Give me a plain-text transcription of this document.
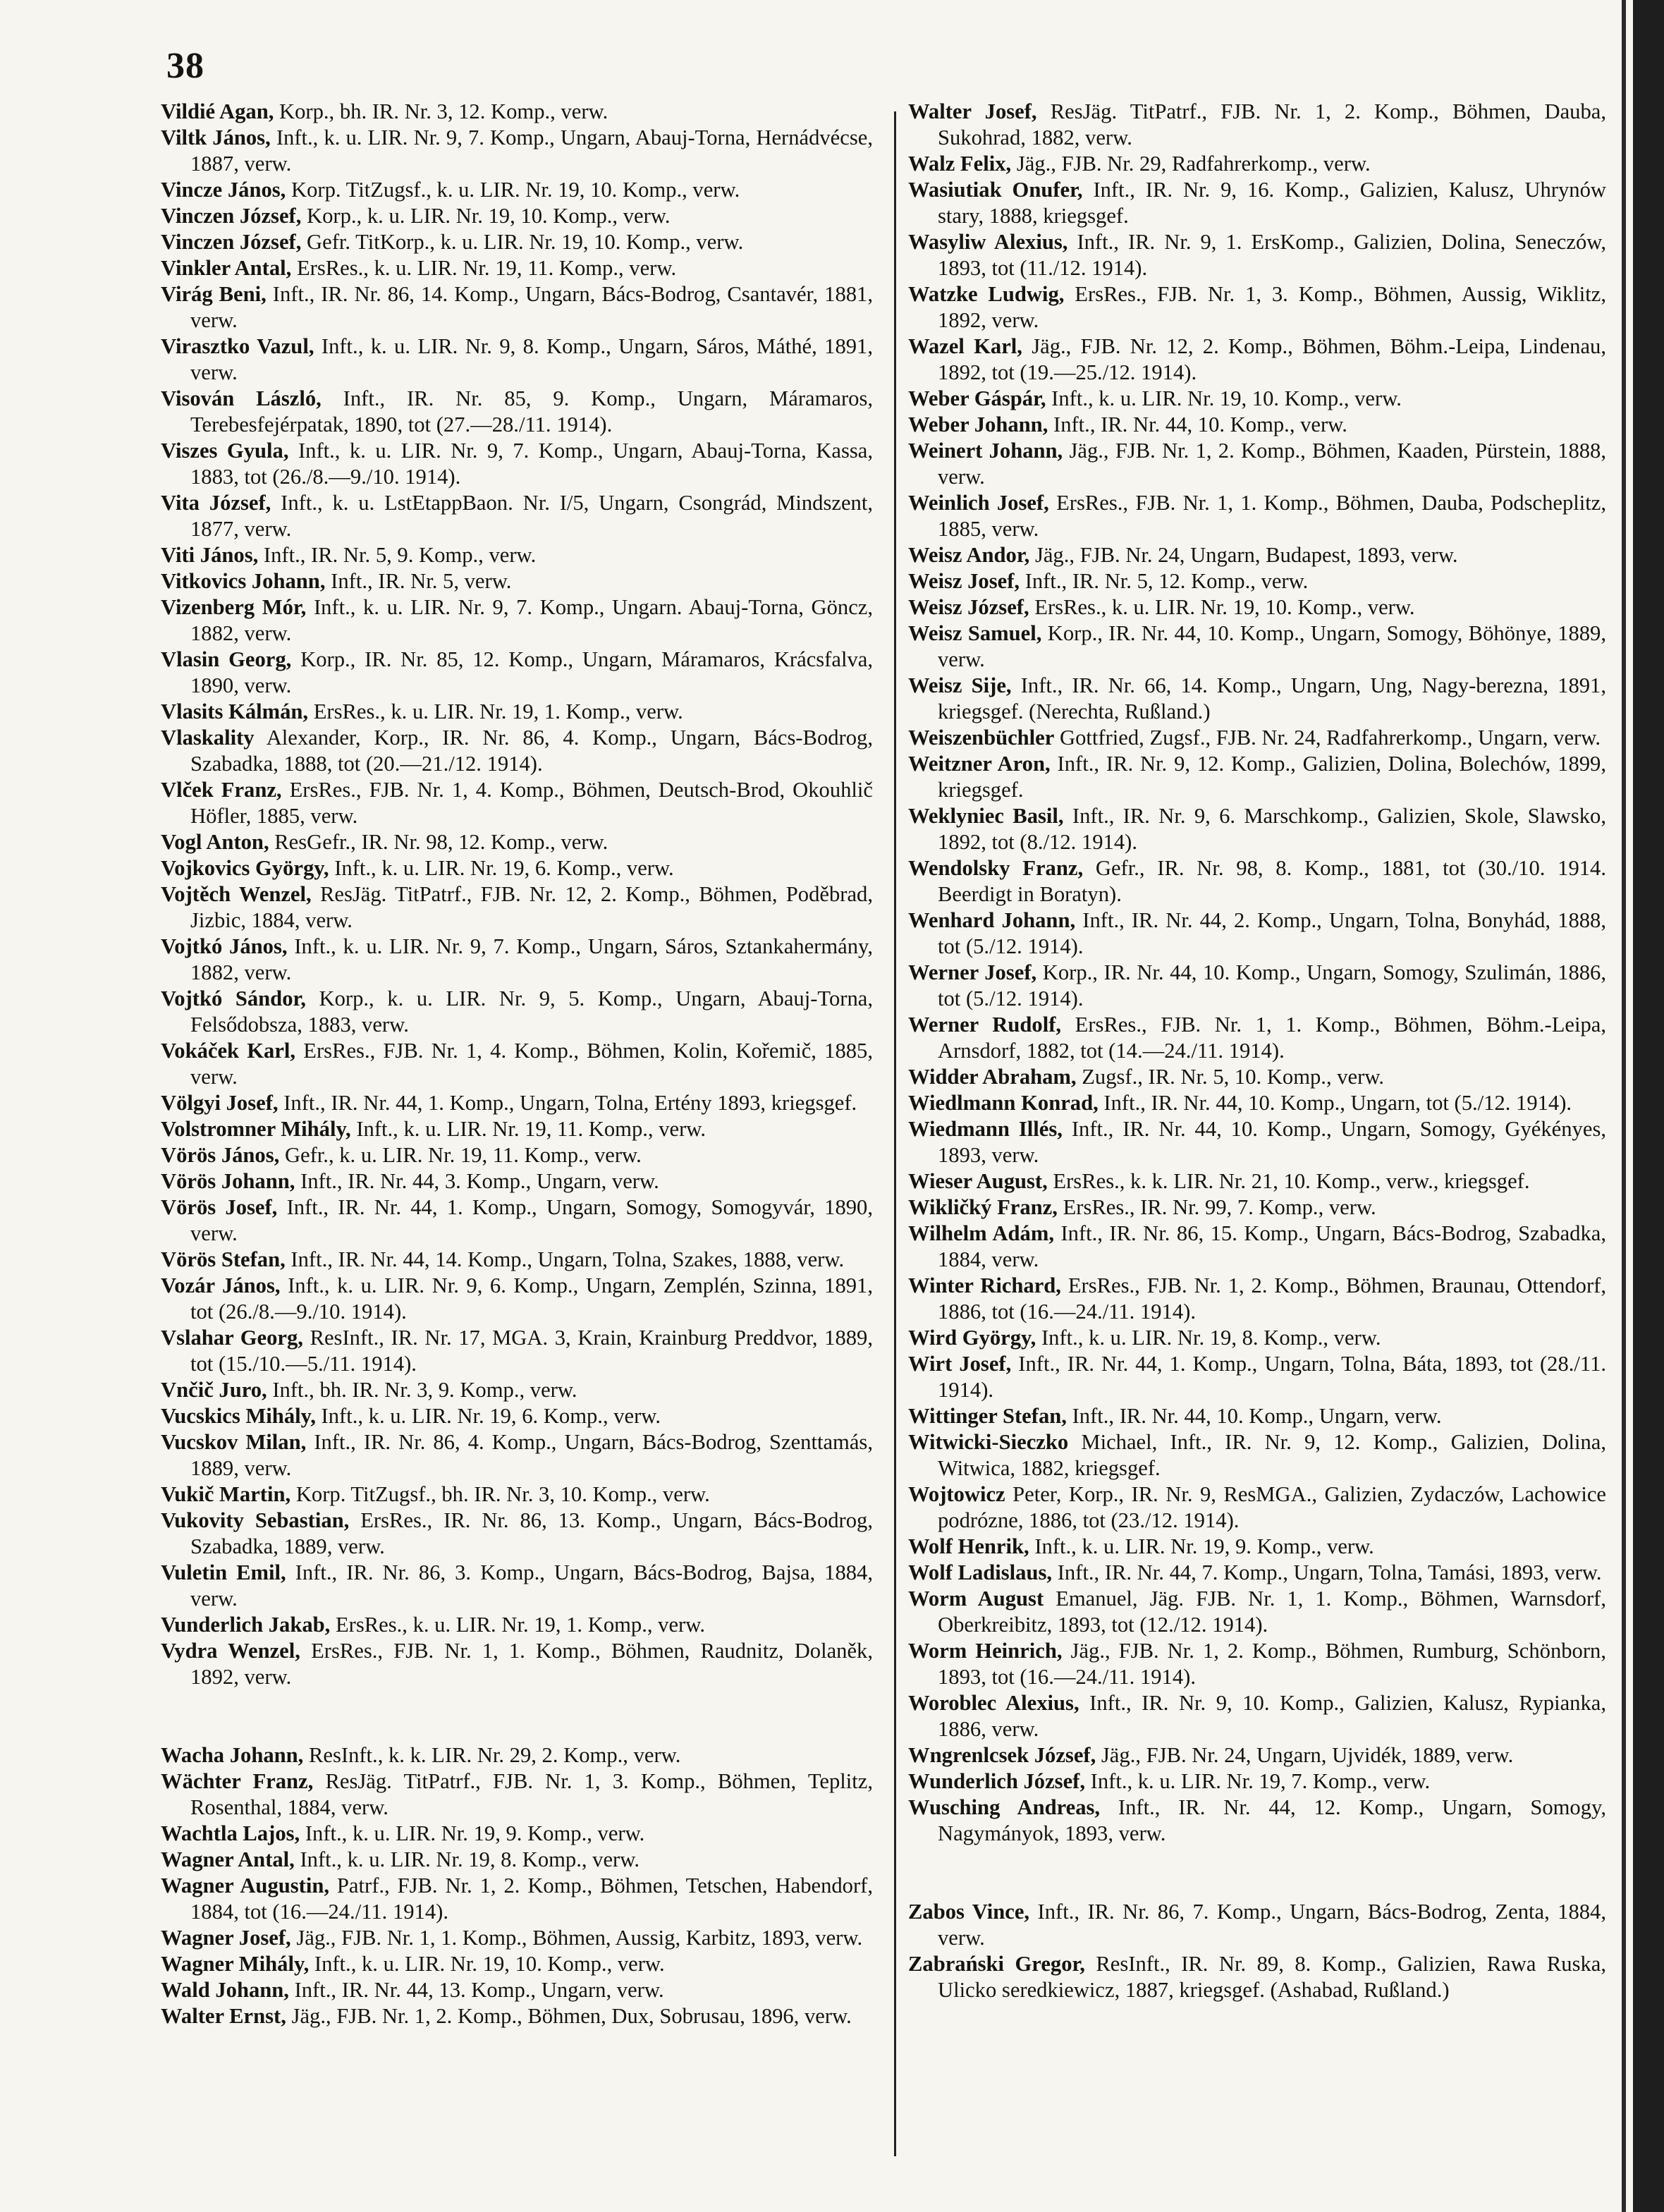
38

Vildié Agan, Korp., bh. IR. Nr. 3, 12. Komp., verw.

Viltk János, Inft., k. u. LIR. Nr. 9, 7. Komp., Ungarn, Abauj-Torna, Hernádvécse, 1887, verw.

Vincze János, Korp. TitZugsf., k. u. LIR. Nr. 19, 10. Komp., verw.

Vinczen József, Korp., k. u. LIR. Nr. 19, 10. Komp., verw.

Vinczen József, Gefr. TitKorp., k. u. LIR. Nr. 19, 10. Komp., verw.

Vinkler Antal, ErsRes., k. u. LIR. Nr. 19, 11. Komp., verw.

Virág Beni, Inft., IR. Nr. 86, 14. Komp., Ungarn, Bács-Bodrog, Csantavér, 1881, verw.

Virasztko Vazul, Inft., k. u. LIR. Nr. 9, 8. Komp., Ungarn, Sáros, Máthé, 1891, verw.

Visován László, Inft., IR. Nr. 85, 9. Komp., Ungarn, Máramaros, Terebesfejérpatak, 1890, tot (27.—28./11. 1914).

Viszes Gyula, Inft., k. u. LIR. Nr. 9, 7. Komp., Ungarn, Abauj-Torna, Kassa, 1883, tot (26./8.—9./10. 1914).

Vita József, Inft., k. u. LstEtappBaon. Nr. I/5, Ungarn, Csongrád, Mindszent, 1877, verw.

Viti János, Inft., IR. Nr. 5, 9. Komp., verw.

Vitkovics Johann, Inft., IR. Nr. 5, verw.

Vizenberg Mór, Inft., k. u. LIR. Nr. 9, 7. Komp., Ungarn. Abauj-Torna, Göncz, 1882, verw.

Vlasin Georg, Korp., IR. Nr. 85, 12. Komp., Ungarn, Máramaros, Krácsfalva, 1890, verw.

Vlasits Kálmán, ErsRes., k. u. LIR. Nr. 19, 1. Komp., verw.

Vlaskality Alexander, Korp., IR. Nr. 86, 4. Komp., Ungarn, Bács-Bodrog, Szabadka, 1888, tot (20.—21./12. 1914).

Vlček Franz, ErsRes., FJB. Nr. 1, 4. Komp., Böhmen, Deutsch-Brod, Okouhlič Höfler, 1885, verw.

Vogl Anton, ResGefr., IR. Nr. 98, 12. Komp., verw.

Vojkovics György, Inft., k. u. LIR. Nr. 19, 6. Komp., verw.

Vojtěch Wenzel, ResJäg. TitPatrf., FJB. Nr. 12, 2. Komp., Böhmen, Poděbrad, Jizbic, 1884, verw.

Vojtkó János, Inft., k. u. LIR. Nr. 9, 7. Komp., Ungarn, Sáros, Sztankahermány, 1882, verw.

Vojtkó Sándor, Korp., k. u. LIR. Nr. 9, 5. Komp., Ungarn, Abauj-Torna, Felsődobsza, 1883, verw.

Vokáček Karl, ErsRes., FJB. Nr. 1, 4. Komp., Böhmen, Kolin, Kořemič, 1885, verw.

Völgyi Josef, Inft., IR. Nr. 44, 1. Komp., Ungarn, Tolna, Ertény 1893, kriegsgef.

Volstromner Mihály, Inft., k. u. LIR. Nr. 19, 11. Komp., verw.

Vörös János, Gefr., k. u. LIR. Nr. 19, 11. Komp., verw.

Vörös Johann, Inft., IR. Nr. 44, 3. Komp., Ungarn, verw.

Vörös Josef, Inft., IR. Nr. 44, 1. Komp., Ungarn, Somogy, Somogyvár, 1890, verw.

Vörös Stefan, Inft., IR. Nr. 44, 14. Komp., Ungarn, Tolna, Szakes, 1888, verw.

Vozár János, Inft., k. u. LIR. Nr. 9, 6. Komp., Ungarn, Zemplén, Szinna, 1891, tot (26./8.—9./10. 1914).

Vslahar Georg, ResInft., IR. Nr. 17, MGA. 3, Krain, Krainburg Preddvor, 1889, tot (15./10.—5./11. 1914).

Vnčič Juro, Inft., bh. IR. Nr. 3, 9. Komp., verw.

Vucskics Mihály, Inft., k. u. LIR. Nr. 19, 6. Komp., verw.

Vucskov Milan, Inft., IR. Nr. 86, 4. Komp., Ungarn, Bács-Bodrog, Szenttamás, 1889, verw.

Vukič Martin, Korp. TitZugsf., bh. IR. Nr. 3, 10. Komp., verw.

Vukovity Sebastian, ErsRes., IR. Nr. 86, 13. Komp., Ungarn, Bács-Bodrog, Szabadka, 1889, verw.

Vuletin Emil, Inft., IR. Nr. 86, 3. Komp., Ungarn, Bács-Bodrog, Bajsa, 1884, verw.

Vunderlich Jakab, ErsRes., k. u. LIR. Nr. 19, 1. Komp., verw.

Vydra Wenzel, ErsRes., FJB. Nr. 1, 1. Komp., Böhmen, Raudnitz, Dolaněk, 1892, verw.

Wacha Johann, ResInft., k. k. LIR. Nr. 29, 2. Komp., verw.

Wächter Franz, ResJäg. TitPatrf., FJB. Nr. 1, 3. Komp., Böhmen, Teplitz, Rosenthal, 1884, verw.

Wachtla Lajos, Inft., k. u. LIR. Nr. 19, 9. Komp., verw.

Wagner Antal, Inft., k. u. LIR. Nr. 19, 8. Komp., verw.

Wagner Augustin, Patrf., FJB. Nr. 1, 2. Komp., Böhmen, Tetschen, Habendorf, 1884, tot (16.—24./11. 1914).

Wagner Josef, Jäg., FJB. Nr. 1, 1. Komp., Böhmen, Aussig, Karbitz, 1893, verw.

Wagner Mihály, Inft., k. u. LIR. Nr. 19, 10. Komp., verw.

Wald Johann, Inft., IR. Nr. 44, 13. Komp., Ungarn, verw.

Walter Ernst, Jäg., FJB. Nr. 1, 2. Komp., Böhmen, Dux, Sobrusau, 1896, verw.

Walter Josef, ResJäg. TitPatrf., FJB. Nr. 1, 2. Komp., Böhmen, Dauba, Sukohrad, 1882, verw.

Walz Felix, Jäg., FJB. Nr. 29, Radfahrerkomp., verw.

Wasiutiak Onufer, Inft., IR. Nr. 9, 16. Komp., Galizien, Kalusz, Uhrynów stary, 1888, kriegsgef.

Wasyliw Alexius, Inft., IR. Nr. 9, 1. ErsKomp., Galizien, Dolina, Seneczów, 1893, tot (11./12. 1914).

Watzke Ludwig, ErsRes., FJB. Nr. 1, 3. Komp., Böhmen, Aussig, Wiklitz, 1892, verw.

Wazel Karl, Jäg., FJB. Nr. 12, 2. Komp., Böhmen, Böhm.-Leipa, Lindenau, 1892, tot (19.—25./12. 1914).

Weber Gáspár, Inft., k. u. LIR. Nr. 19, 10. Komp., verw.

Weber Johann, Inft., IR. Nr. 44, 10. Komp., verw.

Weinert Johann, Jäg., FJB. Nr. 1, 2. Komp., Böhmen, Kaaden, Pürstein, 1888, verw.

Weinlich Josef, ErsRes., FJB. Nr. 1, 1. Komp., Böhmen, Dauba, Podscheplitz, 1885, verw.

Weisz Andor, Jäg., FJB. Nr. 24, Ungarn, Budapest, 1893, verw.

Weisz Josef, Inft., IR. Nr. 5, 12. Komp., verw.

Weisz József, ErsRes., k. u. LIR. Nr. 19, 10. Komp., verw.

Weisz Samuel, Korp., IR. Nr. 44, 10. Komp., Ungarn, Somogy, Böhönye, 1889, verw.

Weisz Sije, Inft., IR. Nr. 66, 14. Komp., Ungarn, Ung, Nagy-berezna, 1891, kriegsgef. (Nerechta, Rußland.)

Weiszenbüchler Gottfried, Zugsf., FJB. Nr. 24, Radfahrerkomp., Ungarn, verw.

Weitzner Aron, Inft., IR. Nr. 9, 12. Komp., Galizien, Dolina, Bolechów, 1899, kriegsgef.

Weklyniec Basil, Inft., IR. Nr. 9, 6. Marschkomp., Galizien, Skole, Slawsko, 1892, tot (8./12. 1914).

Wendolsky Franz, Gefr., IR. Nr. 98, 8. Komp., 1881, tot (30./10. 1914. Beerdigt in Boratyn).

Wenhard Johann, Inft., IR. Nr. 44, 2. Komp., Ungarn, Tolna, Bonyhád, 1888, tot (5./12. 1914).

Werner Josef, Korp., IR. Nr. 44, 10. Komp., Ungarn, Somogy, Szulimán, 1886, tot (5./12. 1914).

Werner Rudolf, ErsRes., FJB. Nr. 1, 1. Komp., Böhmen, Böhm.-Leipa, Arnsdorf, 1882, tot (14.—24./11. 1914).

Widder Abraham, Zugsf., IR. Nr. 5, 10. Komp., verw.

Wiedlmann Konrad, Inft., IR. Nr. 44, 10. Komp., Ungarn, tot (5./12. 1914).

Wiedmann Illés, Inft., IR. Nr. 44, 10. Komp., Ungarn, Somogy, Gyékényes, 1893, verw.

Wieser August, ErsRes., k. k. LIR. Nr. 21, 10. Komp., verw., kriegsgef.

Wikličký Franz, ErsRes., IR. Nr. 99, 7. Komp., verw.

Wilhelm Adám, Inft., IR. Nr. 86, 15. Komp., Ungarn, Bács-Bodrog, Szabadka, 1884, verw.

Winter Richard, ErsRes., FJB. Nr. 1, 2. Komp., Böhmen, Braunau, Ottendorf, 1886, tot (16.—24./11. 1914).

Wird György, Inft., k. u. LIR. Nr. 19, 8. Komp., verw.

Wirt Josef, Inft., IR. Nr. 44, 1. Komp., Ungarn, Tolna, Báta, 1893, tot (28./11. 1914).

Wittinger Stefan, Inft., IR. Nr. 44, 10. Komp., Ungarn, verw.

Witwicki-Sieczko Michael, Inft., IR. Nr. 9, 12. Komp., Galizien, Dolina, Witwica, 1882, kriegsgef.

Wojtowicz Peter, Korp., IR. Nr. 9, ResMGA., Galizien, Zydaczów, Lachowice podrózne, 1886, tot (23./12. 1914).

Wolf Henrik, Inft., k. u. LIR. Nr. 19, 9. Komp., verw.

Wolf Ladislaus, Inft., IR. Nr. 44, 7. Komp., Ungarn, Tolna, Tamási, 1893, verw.

Worm August Emanuel, Jäg. FJB. Nr. 1, 1. Komp., Böhmen, Warnsdorf, Oberkreibitz, 1893, tot (12./12. 1914).

Worm Heinrich, Jäg., FJB. Nr. 1, 2. Komp., Böhmen, Rumburg, Schönborn, 1893, tot (16.—24./11. 1914).

Woroblec Alexius, Inft., IR. Nr. 9, 10. Komp., Galizien, Kalusz, Rypianka, 1886, verw.

Wngrenlcsek József, Jäg., FJB. Nr. 24, Ungarn, Ujvidék, 1889, verw.

Wunderlich József, Inft., k. u. LIR. Nr. 19, 7. Komp., verw.

Wusching Andreas, Inft., IR. Nr. 44, 12. Komp., Ungarn, Somogy, Nagymányok, 1893, verw.

Zabos Vince, Inft., IR. Nr. 86, 7. Komp., Ungarn, Bács-Bodrog, Zenta, 1884, verw.

Zabrański Gregor, ResInft., IR. Nr. 89, 8. Komp., Galizien, Rawa Ruska, Ulicko seredkiewicz, 1887, kriegsgef. (Ashabad, Rußland.)
